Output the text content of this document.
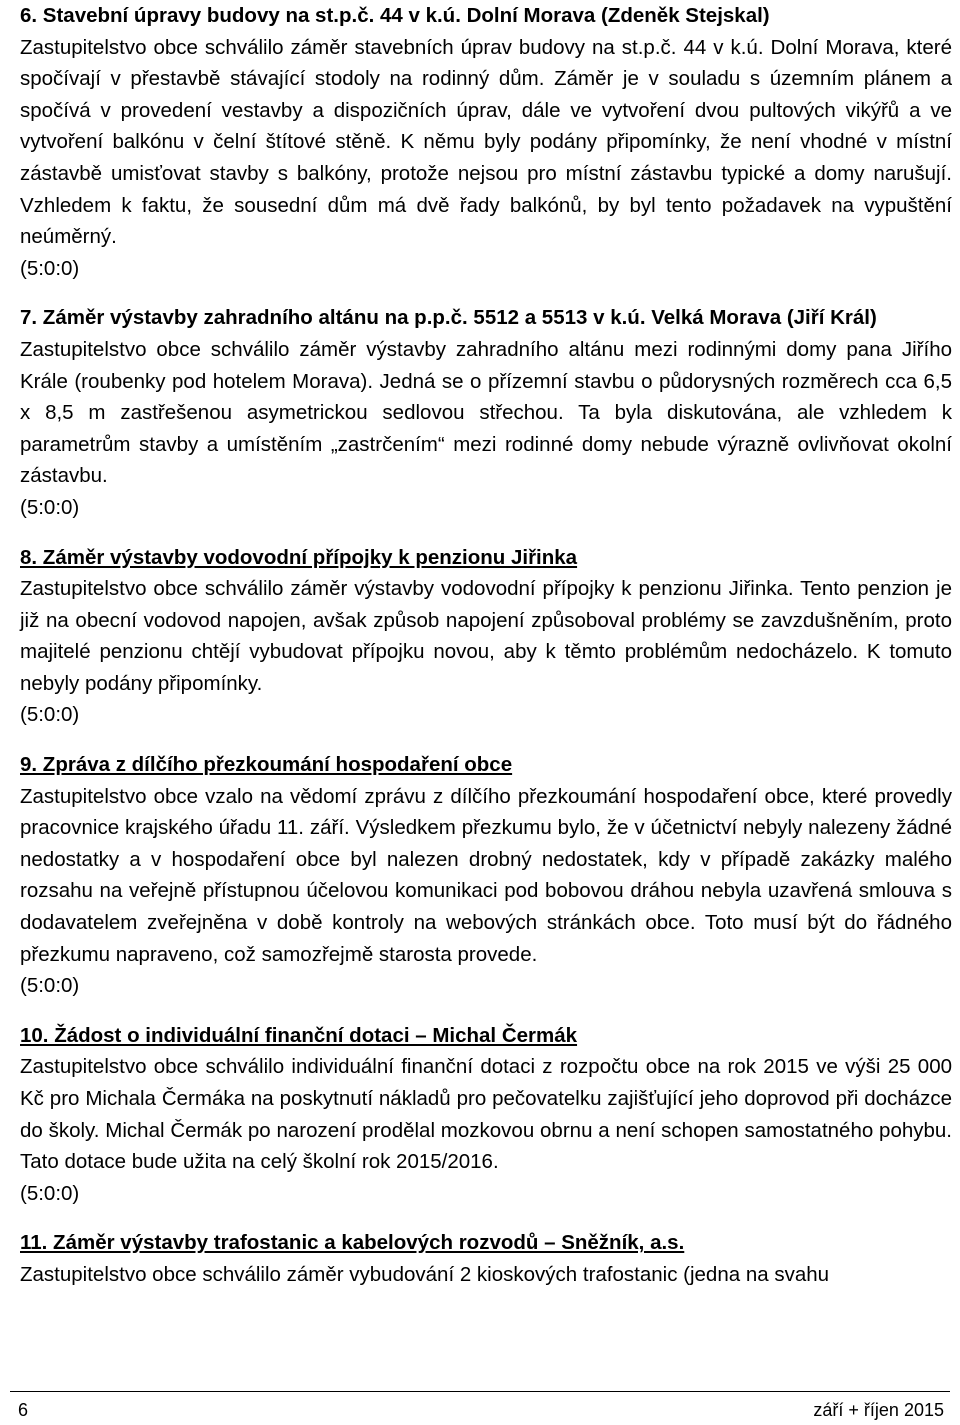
6. Stavební úpravy budovy na st.p.č. 44 v k.ú. Dolní Morava (Zdeněk Stejskal)

Zastupitelstvo obce schválilo záměr stavebních úprav budovy na st.p.č. 44 v k.ú. Dolní Morava, které spočívají v přestavbě stávající stodoly na rodinný dům. Záměr je v souladu s územním plánem a spočívá v provedení vestavby a dispozičních úprav, dále ve vytvoření dvou pultových vikýřů a ve vytvoření balkónu v čelní štítové stěně. K němu byly podány připomínky, že není vhodné v místní zástavbě umisťovat stavby s balkóny, protože nejsou pro místní zástavbu typické a domy narušují. Vzhledem k faktu, že sousední dům má dvě řady balkónů, by byl tento požadavek na vypuštění neúměrný.

(5:0:0)

7. Záměr výstavby zahradního altánu na p.p.č. 5512 a 5513 v k.ú. Velká Morava (Jiří Král)

Zastupitelstvo obce schválilo záměr výstavby zahradního altánu mezi rodinnými domy pana Jiřího Krále (roubenky pod hotelem Morava). Jedná se o přízemní stavbu o půdorysných rozměrech cca 6,5 x 8,5 m zastřešenou asymetrickou sedlovou střechou. Ta byla diskutována, ale vzhledem k parametrům stavby a umístěním „zastrčením“ mezi rodinné domy nebude výrazně ovlivňovat okolní zástavbu.

(5:0:0)

8. Záměr výstavby vodovodní přípojky k penzionu Jiřinka

Zastupitelstvo obce schválilo záměr výstavby vodovodní přípojky k penzionu Jiřinka. Tento penzion je již na obecní vodovod napojen, avšak způsob napojení způsoboval problémy se zavzdušněním, proto majitelé penzionu chtějí vybudovat přípojku novou, aby k těmto problémům nedocházelo. K tomuto nebyly podány připomínky.

(5:0:0)

9. Zpráva z dílčího přezkoumání hospodaření obce

Zastupitelstvo obce vzalo na vědomí zprávu z dílčího přezkoumání hospodaření obce, které provedly pracovnice krajského úřadu 11. září. Výsledkem přezkumu bylo, že v účetnictví nebyly nalezeny žádné nedostatky a v hospodaření obce byl nalezen drobný nedostatek, kdy v případě zakázky malého rozsahu na veřejně přístupnou účelovou komunikaci pod bobovou dráhou nebyla uzavřená smlouva s dodavatelem zveřejněna v době kontroly na webových stránkách obce. Toto musí být do řádného přezkumu napraveno, což samozřejmě starosta provede.

(5:0:0)

10. Žádost o individuální finanční dotaci – Michal Čermák

Zastupitelstvo obce schválilo individuální finanční dotaci z rozpočtu obce na rok 2015 ve výši 25 000 Kč pro Michala Čermáka na poskytnutí nákladů pro pečovatelku zajišťující jeho doprovod při docházce do školy. Michal Čermák po narození prodělal mozkovou obrnu a není schopen samostatného pohybu. Tato dotace bude užita na celý školní rok 2015/2016.

(5:0:0)

11. Záměr výstavby trafostanic a kabelových rozvodů – Sněžník, a.s.

Zastupitelstvo obce schválilo záměr vybudování 2 kioskových trafostanic (jedna na svahu

6	září + říjen 2015
